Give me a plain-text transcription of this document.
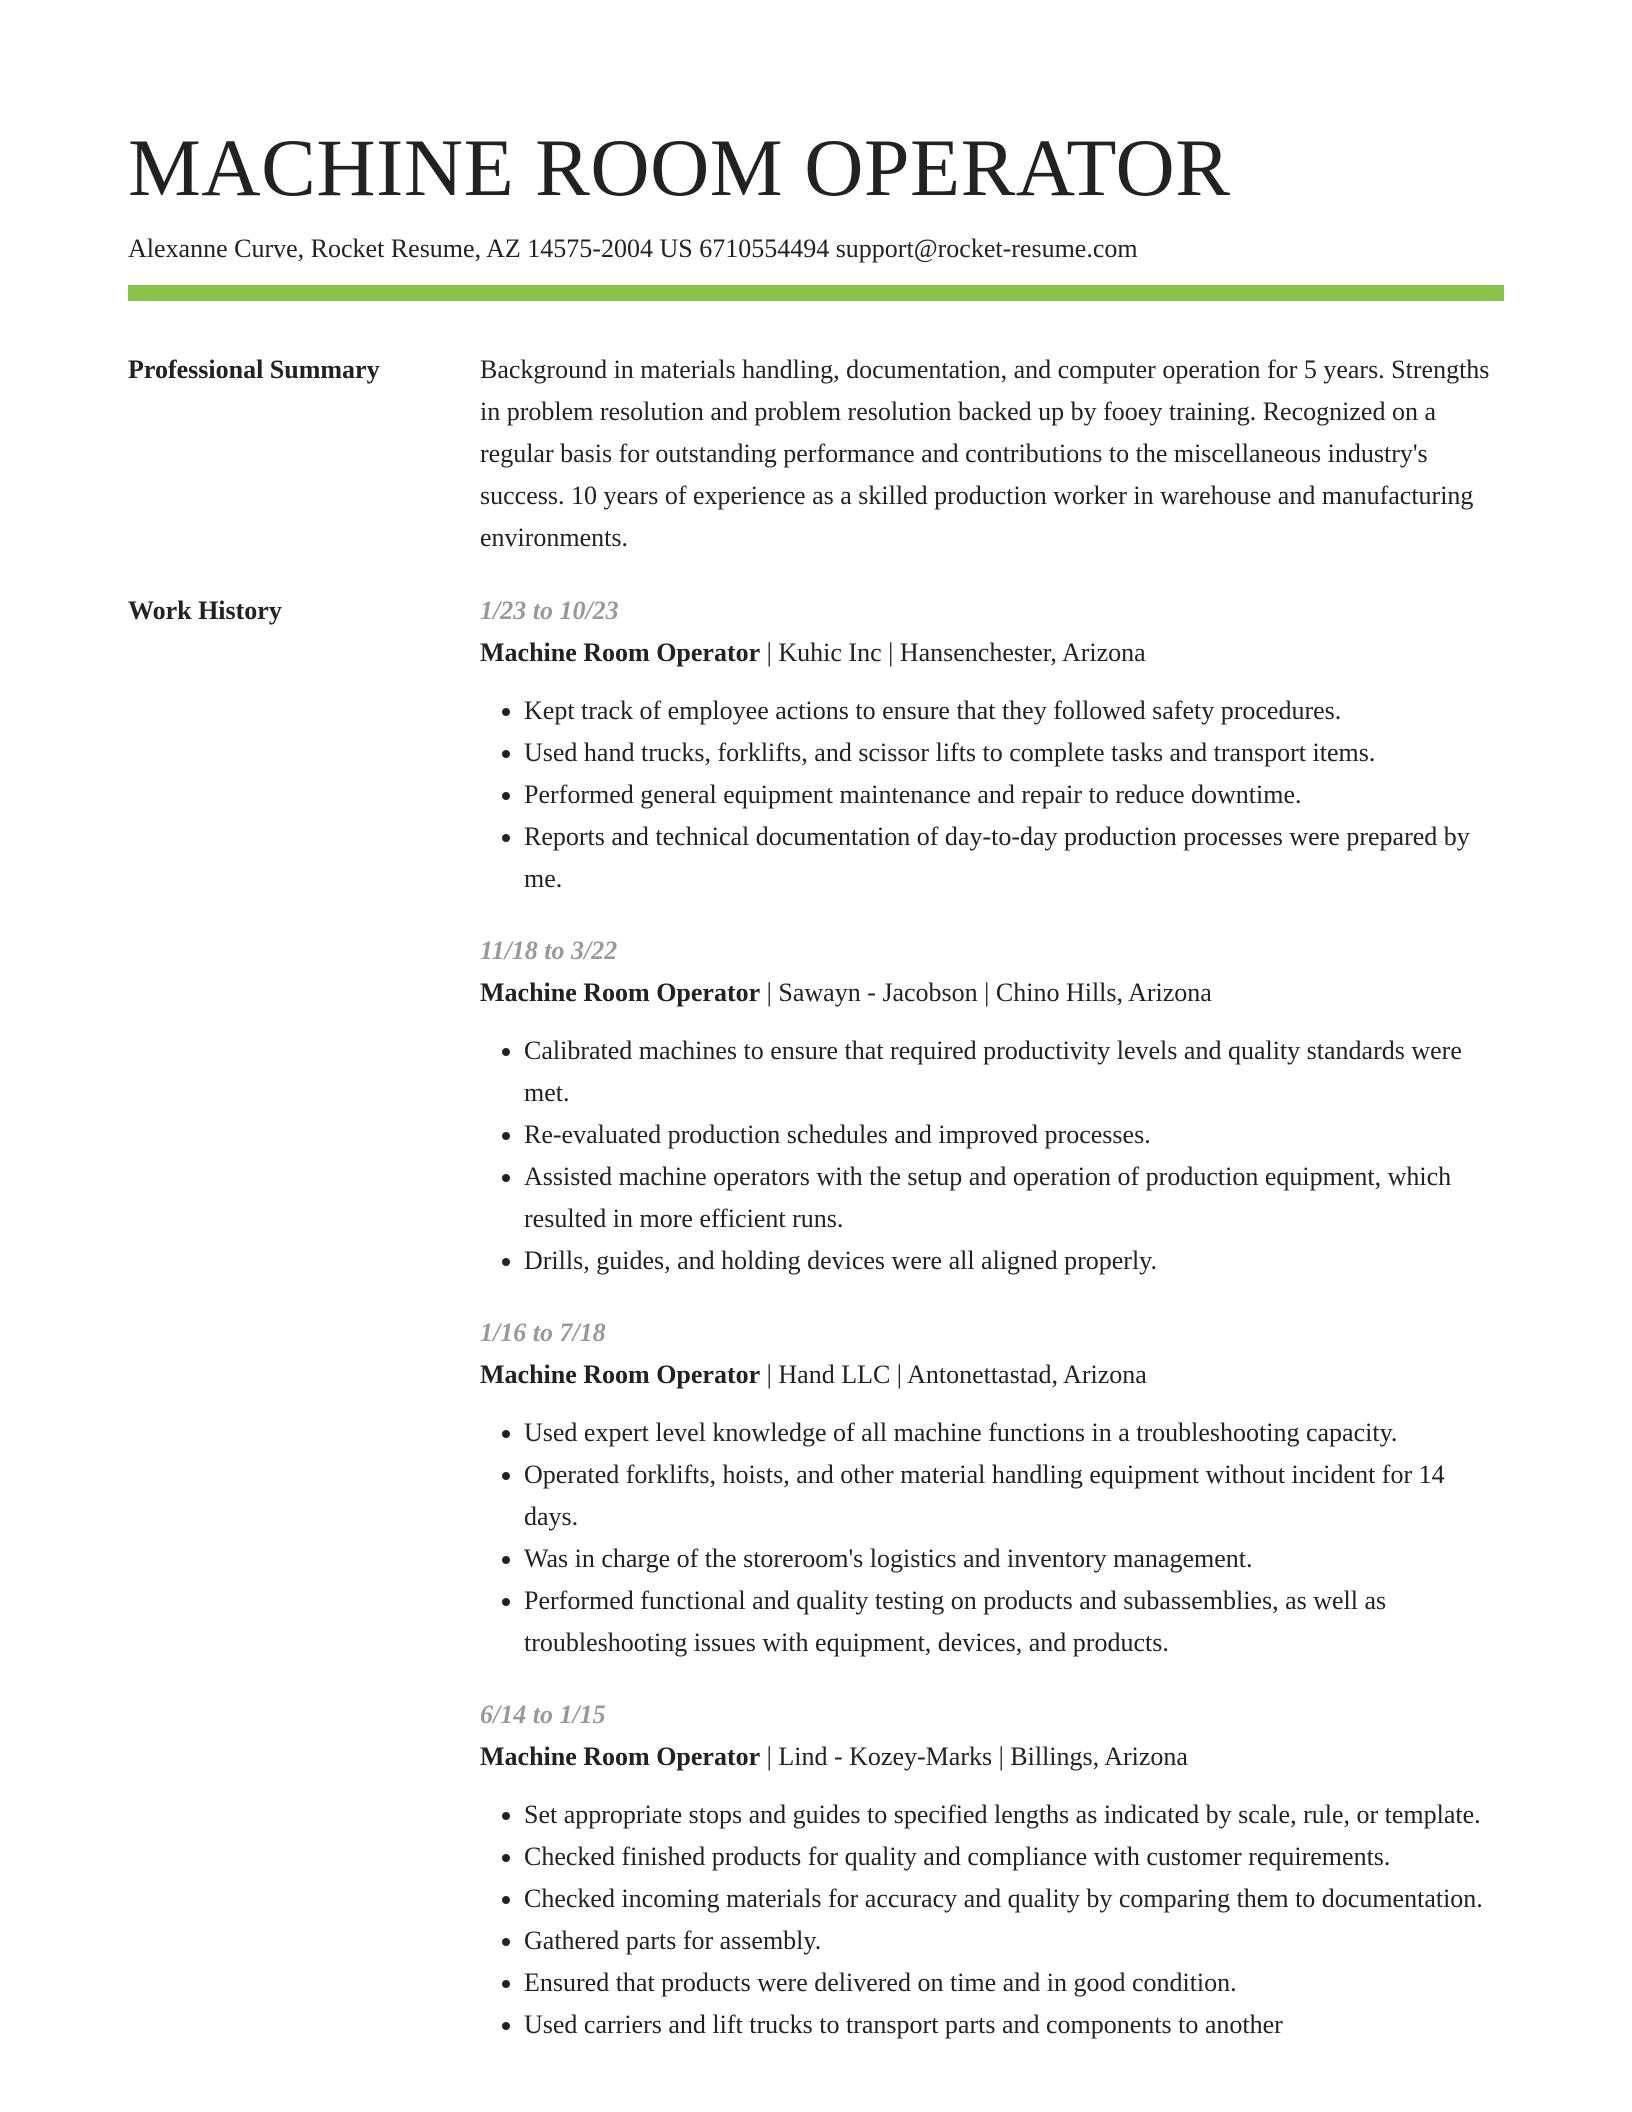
MACHINE ROOM OPERATOR
Alexanne Curve, Rocket Resume, AZ 14575-2004 US 6710554494 support@rocket-resume.com
Professional Summary	Background in materials handling, documentation, and computer operation for 5 years. Strengths in problem resolution and problem resolution backed up by fooey training. Recognized on a regular basis for outstanding performance and contributions to the miscellaneous industry's success. 10 years of experience as a skilled production worker in warehouse and manufacturing environments.

Work History	1/23 to 10/23
Machine Room Operator | Kuhic Inc | Hansenchester, Arizona
• Kept track of employee actions to ensure that they followed safety procedures.
• Used hand trucks, forklifts, and scissor lifts to complete tasks and transport items.
• Performed general equipment maintenance and repair to reduce downtime.
• Reports and technical documentation of day-to-day production processes were prepared by me.
11/18 to 3/22
Machine Room Operator | Sawayn - Jacobson | Chino Hills, Arizona
• Calibrated machines to ensure that required productivity levels and quality standards were met.
• Re-evaluated production schedules and improved processes.
• Assisted machine operators with the setup and operation of production equipment, which resulted in more efficient runs.
• Drills, guides, and holding devices were all aligned properly.
1/16 to 7/18
Machine Room Operator | Hand LLC | Antonettastad, Arizona
• Used expert level knowledge of all machine functions in a troubleshooting capacity.
• Operated forklifts, hoists, and other material handling equipment without incident for 14 days.
• Was in charge of the storeroom's logistics and inventory management.
• Performed functional and quality testing on products and subassemblies, as well as troubleshooting issues with equipment, devices, and products.
6/14 to 1/15
Machine Room Operator | Lind - Kozey-Marks | Billings, Arizona
• Set appropriate stops and guides to specified lengths as indicated by scale, rule, or template.
• Checked finished products for quality and compliance with customer requirements.
• Checked incoming materials for accuracy and quality by comparing them to documentation.
• Gathered parts for assembly.
• Ensured that products were delivered on time and in good condition.
• Used carriers and lift trucks to transport parts and components to another
